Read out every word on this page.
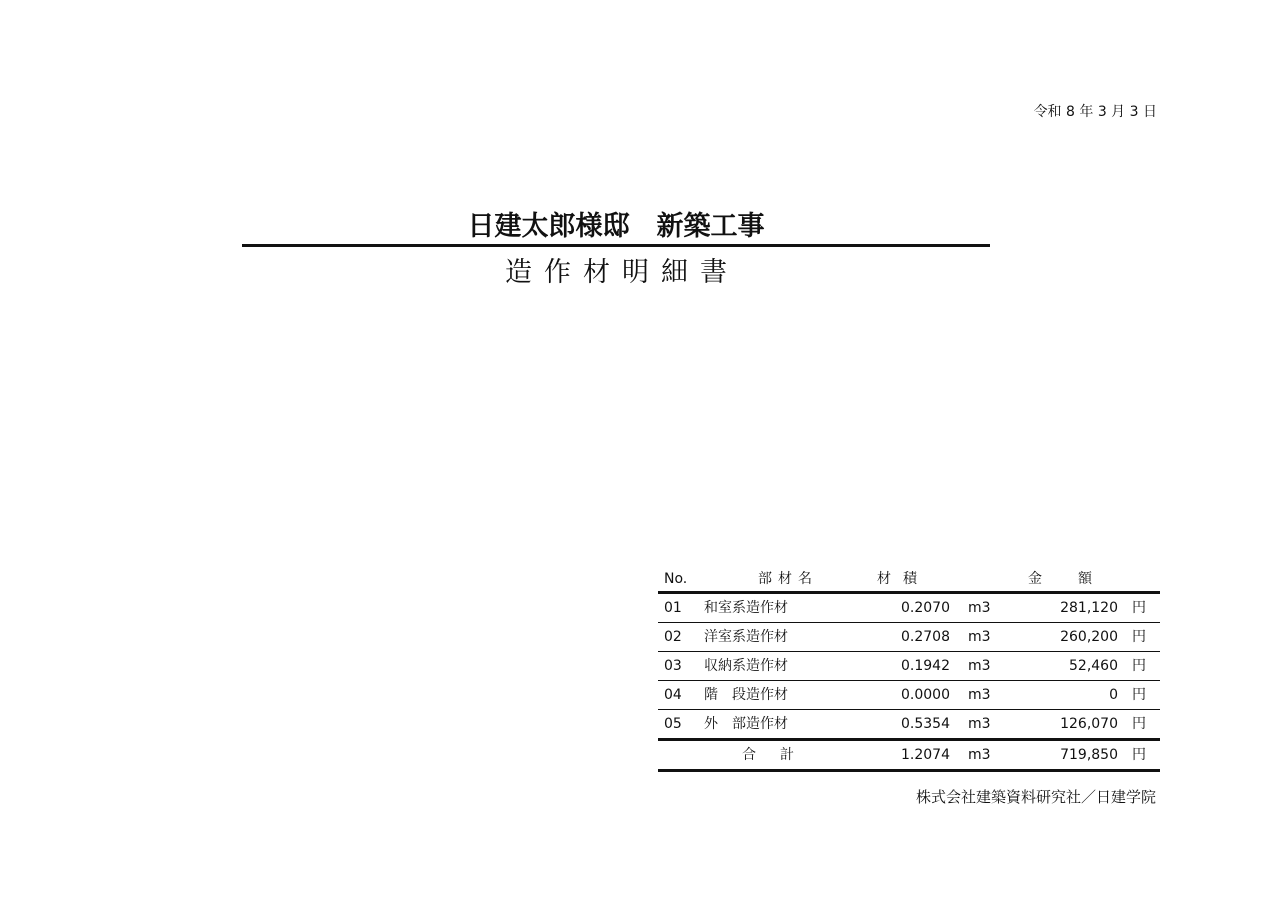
令和 8 年 3 月 3 日
日建太郎様邸　新築工事
造作材明細書
No.	部材名	材積	金額
01 和室系造作材	0.2070 m3	281,120 円
02 洋室系造作材	0.2708 m3	260,200 円
03 収納系造作材	0.1942 m3	52,460 円
04 階　段造作材	0.0000 m3	0 円
05 外　部造作材	0.5354 m3	126,070 円
合計	1.2074 m3	719,850 円
株式会社建築資料研究社／日建学院
